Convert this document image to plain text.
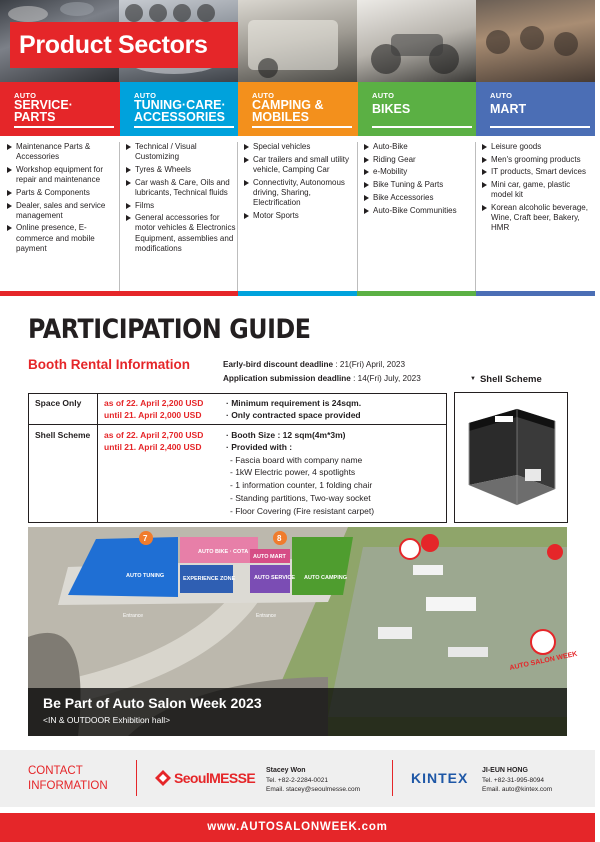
Product Sectors
AUTO
SERVICE·
PARTS
AUTO
TUNING·CARE·
ACCESSORIES
AUTO
CAMPING &
MOBILES
AUTO
BIKES
AUTO
MART
Maintenance Parts & Accessories
Workshop equipment for repair and maintenance
Parts & Components
Dealer, sales and service management
Online presence, E-commerce and mobile payment
Technical / Visual Customizing
Tyres & Wheels
Car wash & Care, Oils and lubricants, Technical fluids
Films
General accessories for motor vehicles & Electronics Equipment, assemblies and modifications
Special vehicles
Car trailers and small utility vehicle, Camping Car
Connectivity, Autonomous driving, Sharing, Electrification
Motor Sports
Auto-Bike
Riding Gear
e-Mobility
Bike Tuning & Parts
Bike Accessories
Auto-Bike Communities
Leisure goods
Men's grooming products
IT products, Smart devices
Mini car, game, plastic model kit
Korean alcoholic beverage, Wine, Craft beer, Bakery, HMR
PARTICIPATION GUIDE
Booth Rental Information	Early-bird discount deadline : 21(Fri) April, 2023
Application submission deadline : 14(Fri) July, 2023
▼	Shell Scheme
Space Only	as of 22. April 2,200 USD
until 21. April 2,000 USD
· Minimum requirement is 24sqm.
· Only contracted space provided
Shell Scheme as of 22. April 2,700 USD
until 21. April 2,400 USD
· Booth Size : 12 sqm(4m*3m)
· Provided with :
- Fascia board with company name
- 1kW Electric power, 4 spotlights
- 1 information counter, 1 folding chair
- Standing partitions, Two-way socket
- Floor Covering (Fire resistant carpet)
AUTO TUNING
AUTO BIKE · COTA
AUTO MART
EXPERIENCE ZONE	AUTO SERVICE AUTO CAMPING
7	8
Entrance	Entrance
AUTO SALON WEEK
Be Part of Auto Salon Week 2023
<IN & OUTDOOR Exhibition hall>
CONTACT INFORMATION	SeoulMESSE Stacey Won
Tel. +82-2-2284-0021
Email. stacey@seoulmesse.com
KINTEX JI-EUN HONG
Tel. +82-31-995-8094
Email. auto@kintex.com
www.AUTOSALONWEEK.com
